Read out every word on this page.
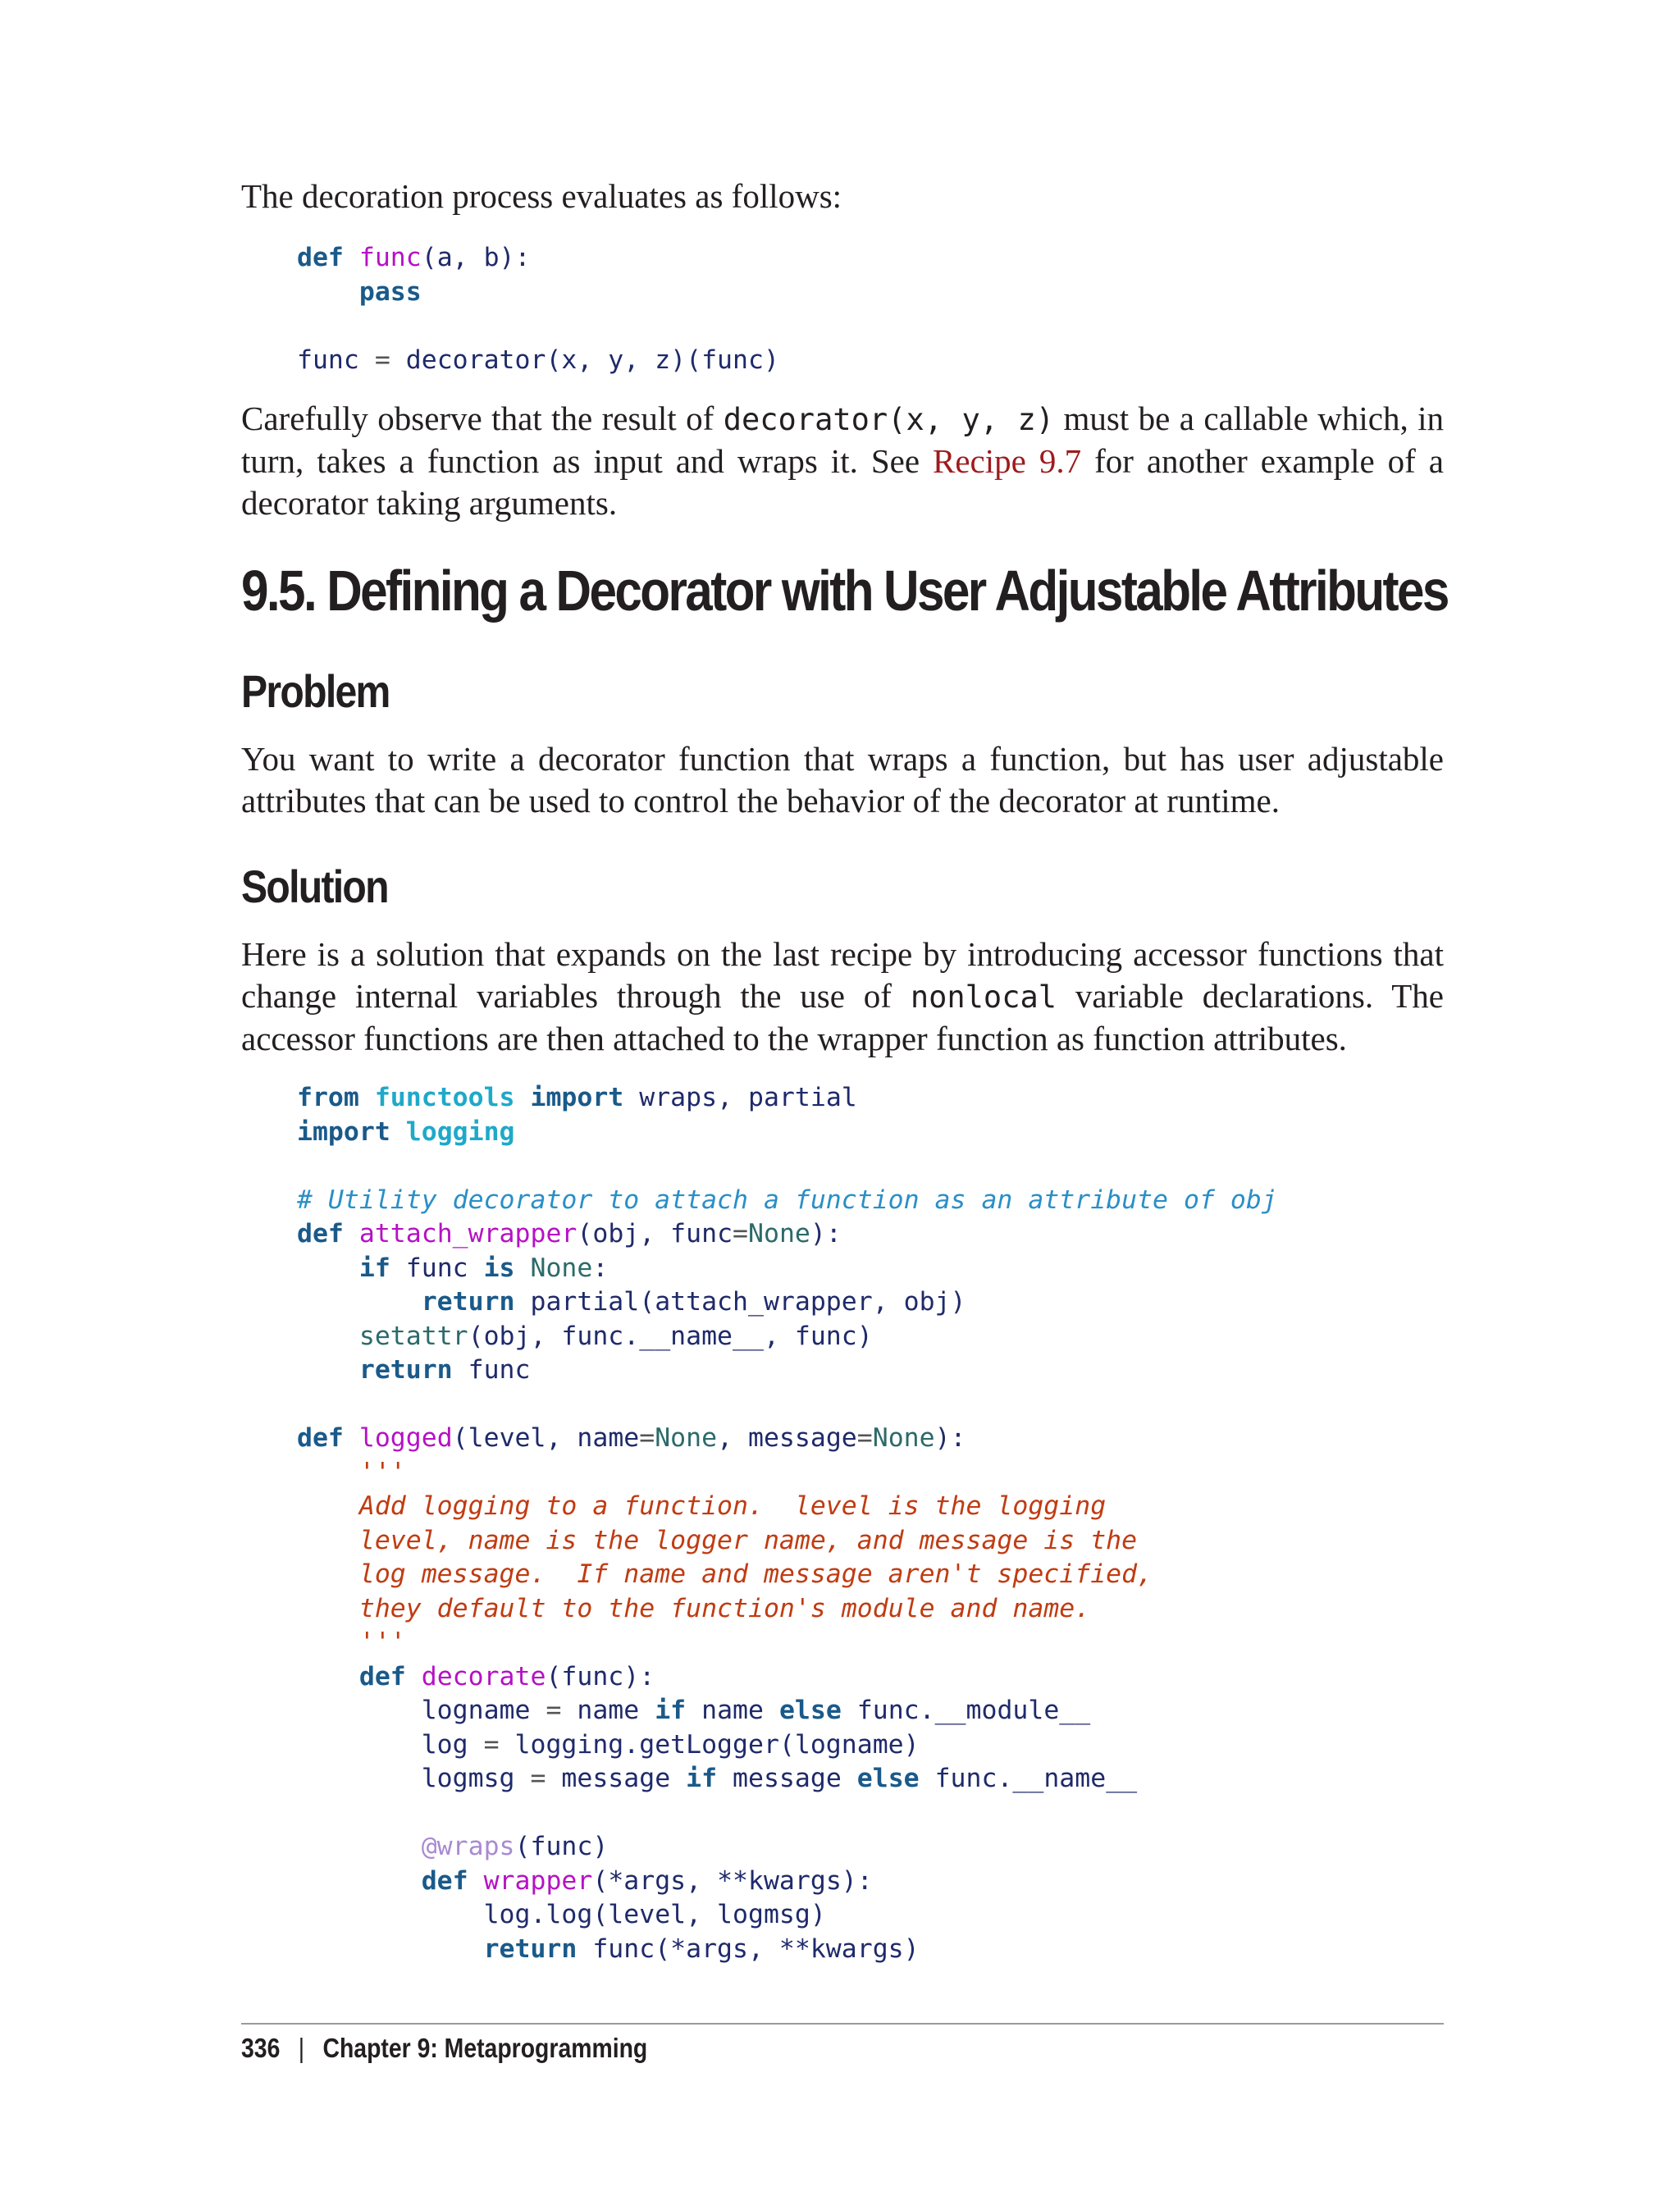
The decoration process evaluates as follows:

def func(a, b):
pass

func = decorator(x, y, z)(func)

Carefully observe that the result of decorator(x, y, z) must be a callable which, in turn, takes a function as input and wraps it. See Recipe 9.7 for another example of a decorator taking arguments.

9.5. Defining a Decorator with User Adjustable Attributes
Problem

You want to write a decorator function that wraps a function, but has user adjustable attributes that can be used to control the behavior of the decorator at runtime.

Solution

Here is a solution that expands on the last recipe by introducing accessor functions that change internal variables through the use of nonlocal variable declarations. The accessor functions are then attached to the wrapper function as function attributes.

from functools import wraps, partial
import logging

# Utility decorator to attach a function as an attribute of obj
def attach_wrapper(obj, func=None):
if func is None:
return partial(attach_wrapper, obj)
setattr(obj, func.__name__, func)
return func

def logged(level, name=None, message=None):
'''
Add logging to a function.  level is the logging
level, name is the logger name, and message is the
log message.  If name and message aren't specified,
they default to the function's module and name.
'''
def decorate(func):
logname = name if name else func.__module__
log = logging.getLogger(logname)
logmsg = message if message else func.__name__

@wraps(func)
def wrapper(*args, **kwargs):
log.log(level, logmsg)
return func(*args, **kwargs)
336 | Chapter 9: Metaprogramming
